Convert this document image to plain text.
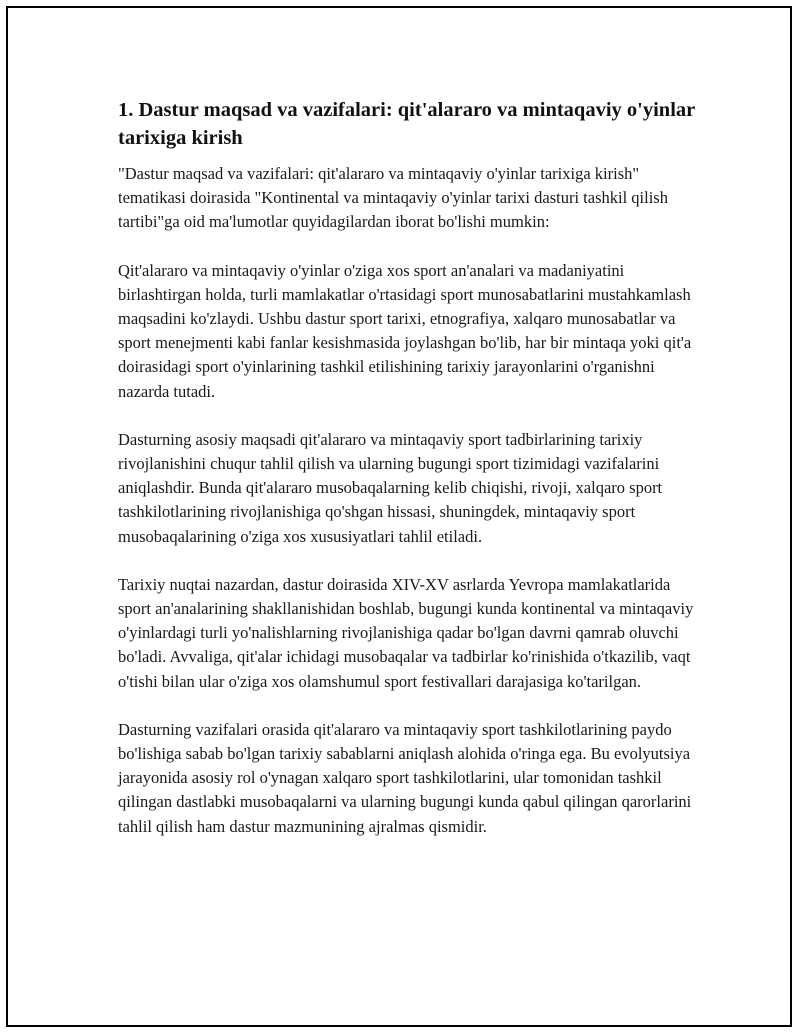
1. Dastur maqsad va vazifalari: qit'alararo va mintaqaviy o'yinlar tarixiga kirish

"Dastur maqsad va vazifalari: qit'alararo va mintaqaviy o'yinlar tarixiga kirish" tematikasi doirasida "Kontinental va mintaqaviy o'yinlar tarixi dasturi tashkil qilish tartibi"ga oid ma'lumotlar quyidagilardan iborat bo'lishi mumkin:

Qit'alararo va mintaqaviy o'yinlar o'ziga xos sport an'analari va madaniyatini birlashtirgan holda, turli mamlakatlar o'rtasidagi sport munosabatlarini mustahkamlash maqsadini ko'zlaydi. Ushbu dastur sport tarixi, etnografiya, xalqaro munosabatlar va sport menejmenti kabi fanlar kesishmasida joylashgan bo'lib, har bir mintaqa yoki qit'a doirasidagi sport o'yinlarining tashkil etilishining tarixiy jarayonlarini o'rganishni nazarda tutadi.

Dasturning asosiy maqsadi qit'alararo va mintaqaviy sport tadbirlarining tarixiy rivojlanishini chuqur tahlil qilish va ularning bugungi sport tizimidagi vazifalarini aniqlashdir. Bunda qit'alararo musobaqalarning kelib chiqishi, rivoji, xalqaro sport tashkilotlarining rivojlanishiga qo'shgan hissasi, shuningdek, mintaqaviy sport musobaqalarining o'ziga xos xususiyatlari tahlil etiladi.

Tarixiy nuqtai nazardan, dastur doirasida XIV-XV asrlarda Yevropa mamlakatlarida sport an'analarining shakllanishidan boshlab, bugungi kunda kontinental va mintaqaviy o'yinlardagi turli yo'nalishlarning rivojlanishiga qadar bo'lgan davrni qamrab oluvchi bo'ladi. Avvaliga, qit'alar ichidagi musobaqalar va tadbirlar ko'rinishida o'tkazilib, vaqt o'tishi bilan ular o'ziga xos olamshumul sport festivallari darajasiga ko'tarilgan.

Dasturning vazifalari orasida qit'alararo va mintaqaviy sport tashkilotlarining paydo bo'lishiga sabab bo'lgan tarixiy sabablarni aniqlash alohida o'ringa ega. Bu evolyutsiya jarayonida asosiy rol o'ynagan xalqaro sport tashkilotlarini, ular tomonidan tashkil qilingan dastlabki musobaqalarni va ularning bugungi kunda qabul qilingan qarorlarini tahlil qilish ham dastur mazmunining ajralmas qismidir.
